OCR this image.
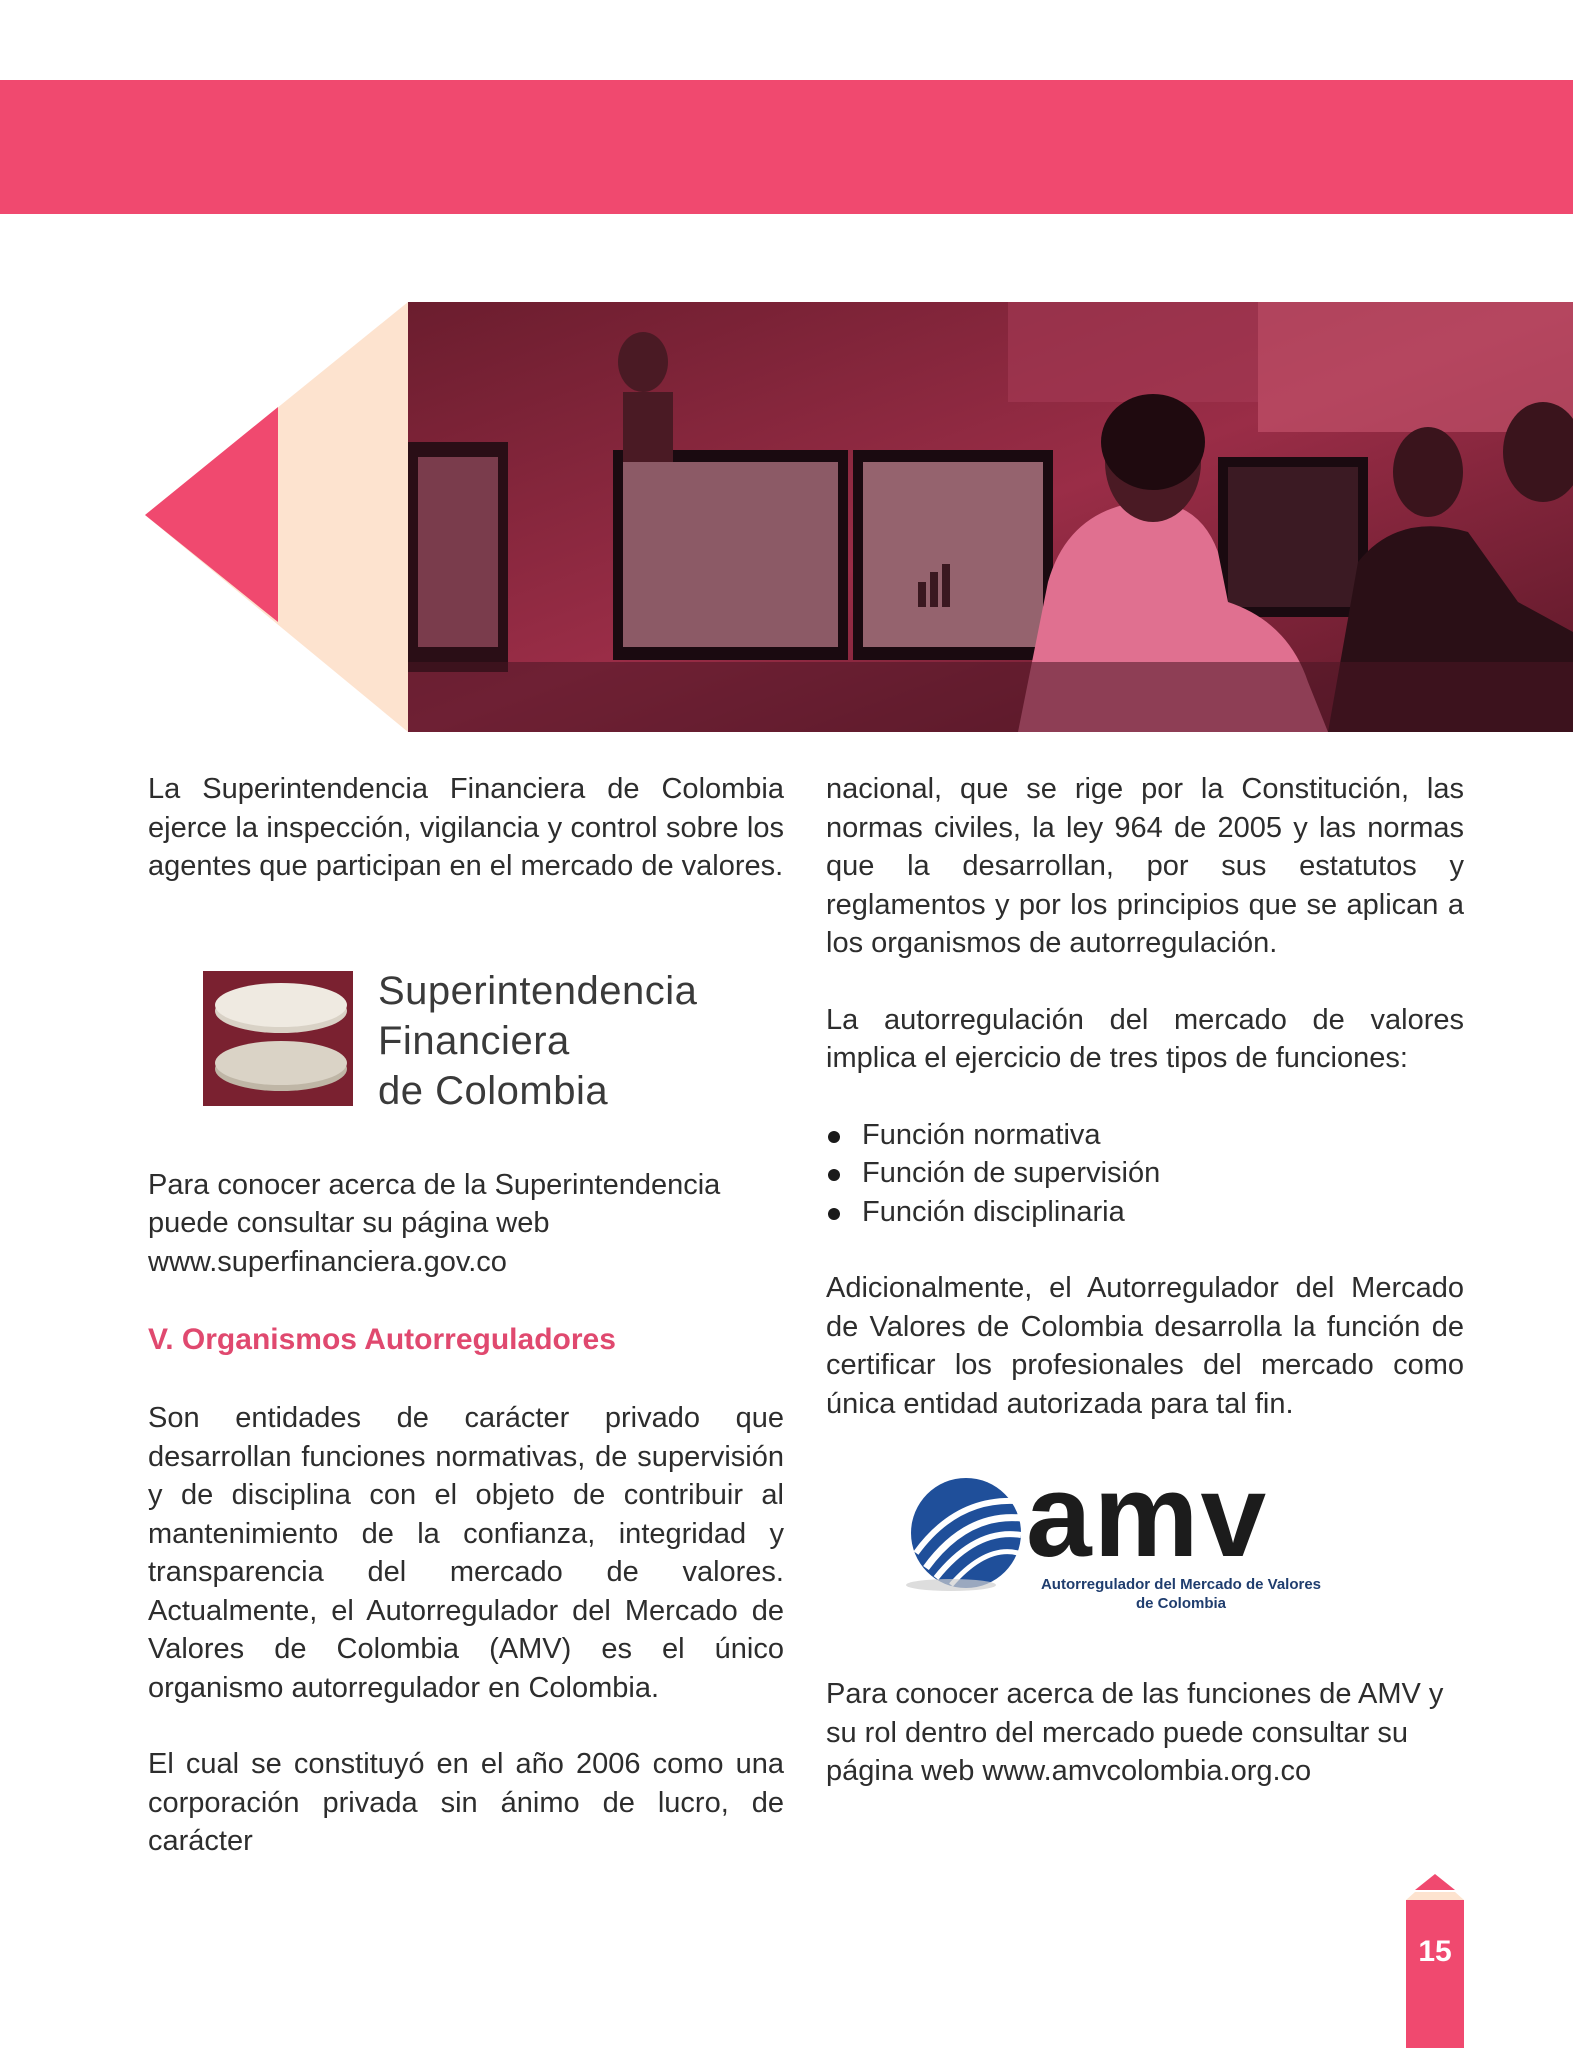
La Superintendencia Financiera de Colombia ejerce la inspección, vigilancia y control sobre los agentes que participan en el mercado de valores.

Superintendencia
Financiera
de Colombia

Para conocer acerca de la Superintendencia puede consultar su página web www.superfinanciera.gov.co

V. Organismos Autorreguladores

Son entidades de carácter privado que desarrollan funciones normativas, de supervisión y de disciplina con el objeto de contribuir al mantenimiento de la confianza, integridad y transparencia del mercado de valores. Actualmente, el Autorregulador del Mercado de Valores de Colombia (AMV) es el único organismo autorregulador en Colombia.

El cual se constituyó en el año 2006 como una corporación privada sin ánimo de lucro, de carácter

nacional, que se rige por la Constitución, las normas civiles, la ley 964 de 2005 y las normas que la desarrollan, por sus estatutos y reglamentos y por los principios que se aplican a los organismos de autorregulación.

La autorregulación del mercado de valores implica el ejercicio de tres tipos de funciones:

Función normativa
Función de supervisión
Función disciplinaria

Adicionalmente, el Autorregulador del Mercado de Valores de Colombia desarrolla la función de certificar los profesionales del mercado como única entidad autorizada para tal fin.

amv
Autorregulador del Mercado de Valores
de Colombia

Para conocer acerca de las funciones de AMV y su rol dentro del mercado puede consultar su página web www.amvcolombia.org.co

15
